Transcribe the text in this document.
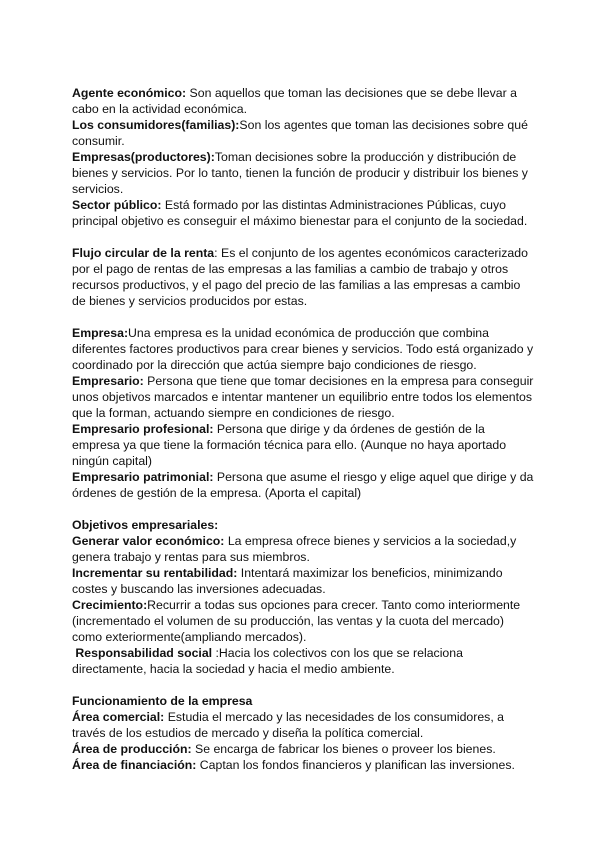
Agente económico: Son aquellos que toman las decisiones que se debe llevar a cabo en la actividad económica.

Los consumidores(familias):Son los agentes que toman las decisiones sobre qué consumir.

Empresas(productores):Toman decisiones sobre la producción y distribución de bienes y servicios. Por lo tanto, tienen la función de producir y distribuir los bienes y servicios.

Sector público: Está formado por las distintas Administraciones Públicas, cuyo principal objetivo es conseguir el máximo bienestar para el conjunto de la sociedad.

Flujo circular de la renta: Es el conjunto de los agentes económicos caracterizado por el pago de rentas de las empresas a las familias a cambio de trabajo y otros recursos productivos, y el pago del precio de las familias a las empresas a cambio de bienes y servicios producidos por estas.

Empresa:Una empresa es la unidad económica de producción que combina diferentes factores productivos para crear bienes y servicios. Todo está organizado y coordinado por la dirección que actúa siempre bajo condiciones de riesgo.

Empresario: Persona que tiene que tomar decisiones en la empresa para conseguir unos objetivos marcados e intentar mantener un equilibrio entre todos los elementos que la forman, actuando siempre en condiciones de riesgo.

Empresario profesional: Persona que dirige y da órdenes de gestión de la empresa ya que tiene la formación técnica para ello. (Aunque no haya aportado ningún capital)

Empresario patrimonial: Persona que asume el riesgo y elige aquel que dirige y da órdenes de gestión de la empresa. (Aporta el capital)

Objetivos empresariales:

Generar valor económico: La empresa ofrece bienes y servicios a la sociedad,y genera trabajo y rentas para sus miembros.

Incrementar su rentabilidad: Intentará maximizar los beneficios, minimizando costes y buscando las inversiones adecuadas.

Crecimiento:Recurrir a todas sus opciones para crecer. Tanto como interiormente (incrementado el volumen de su producción, las ventas y la cuota del mercado) como exteriormente(ampliando mercados).

Responsabilidad social :Hacia los colectivos con los que se relaciona directamente, hacia la sociedad y hacia el medio ambiente.

Funcionamiento de la empresa

Área comercial: Estudia el mercado y las necesidades de los consumidores, a través de los estudios de mercado y diseña la política comercial.

Área de producción: Se encarga de fabricar los bienes o proveer los bienes.

Área de financiación: Captan los fondos financieros y planifican las inversiones.
